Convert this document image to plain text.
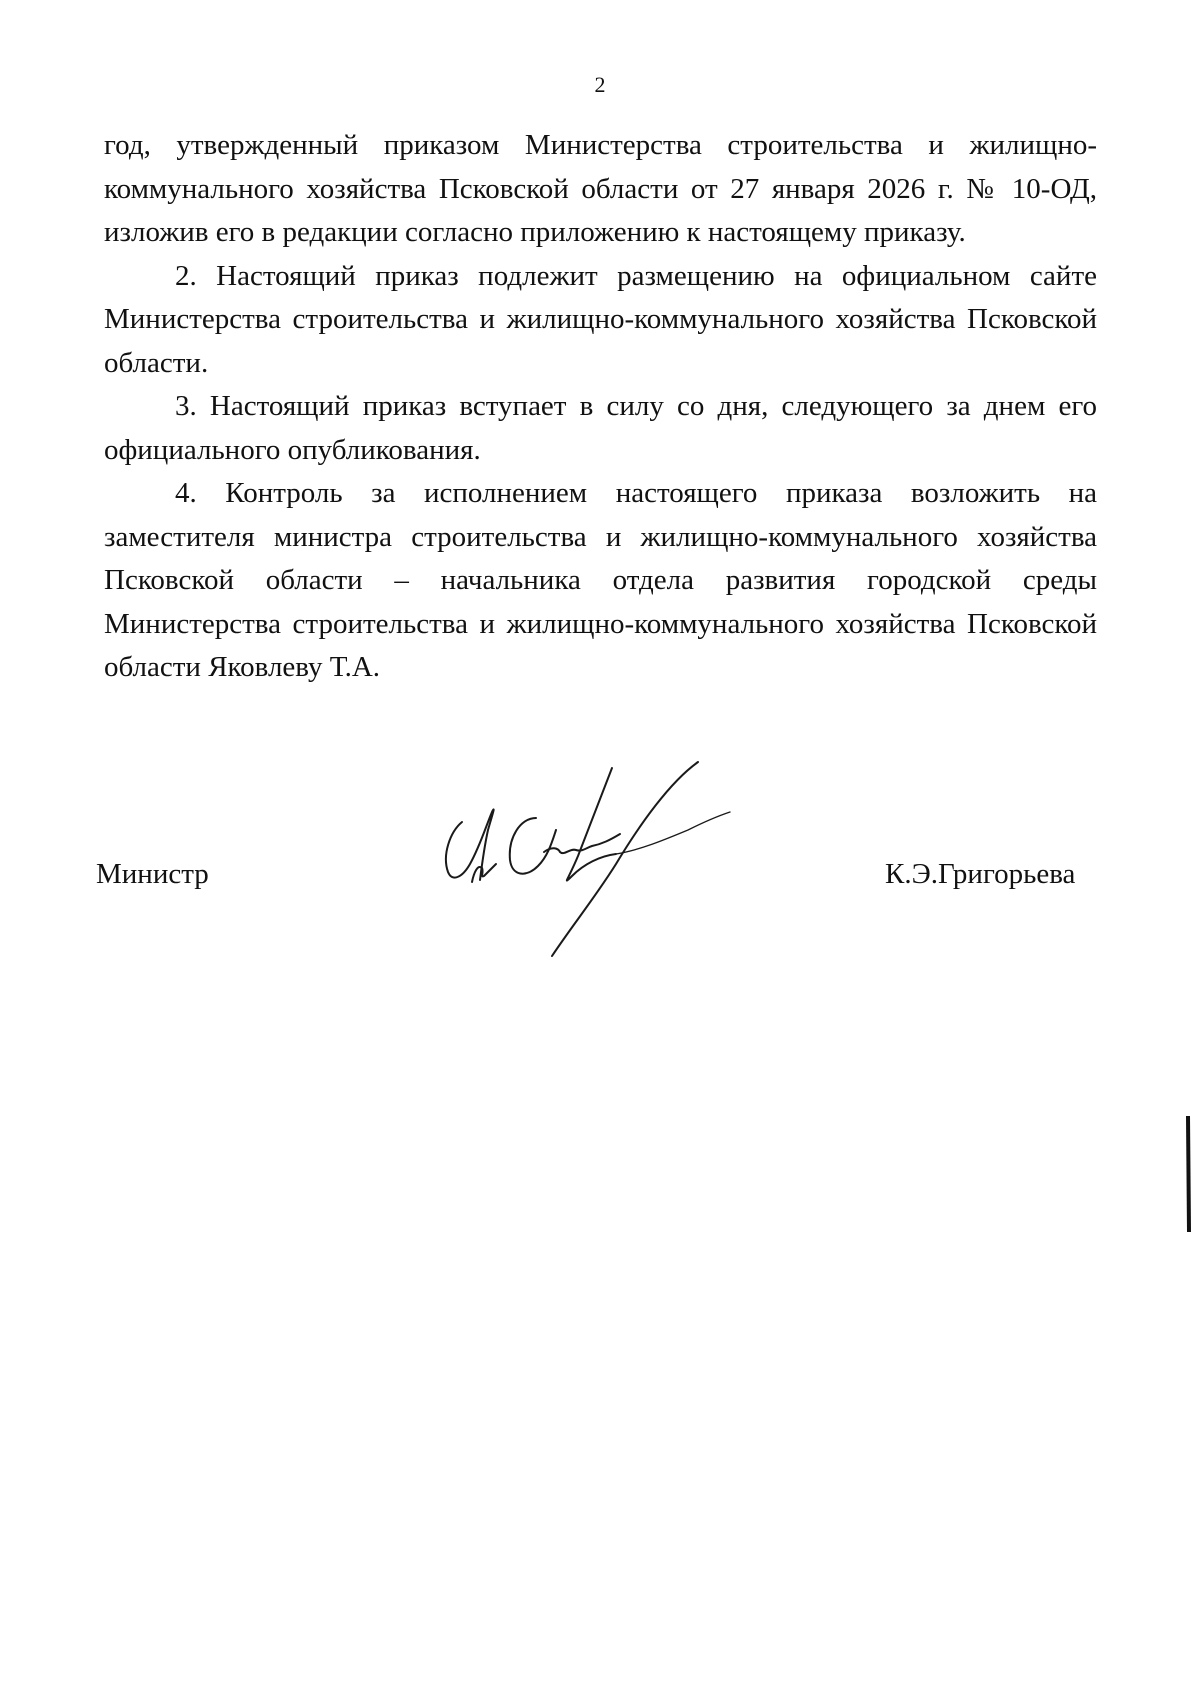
2

год, утвержденный приказом Министерства строительства и жилищно-коммунального хозяйства Псковской области от 27 января 2026 г. № 10-ОД, изложив его в редакции согласно приложению к настоящему приказу.

2. Настоящий приказ подлежит размещению на официальном сайте Министерства строительства и жилищно-коммунального хозяйства Псковской области.

3. Настоящий приказ вступает в силу со дня, следующего за днем его официального опубликования.

4. Контроль за исполнением настоящего приказа возложить на заместителя министра строительства и жилищно-коммунального хозяйства Псковской области – начальника отдела развития городской среды Министерства строительства и жилищно-коммунального хозяйства Псковской области Яковлеву Т.А.

Министр	К.Э.Григорьева
